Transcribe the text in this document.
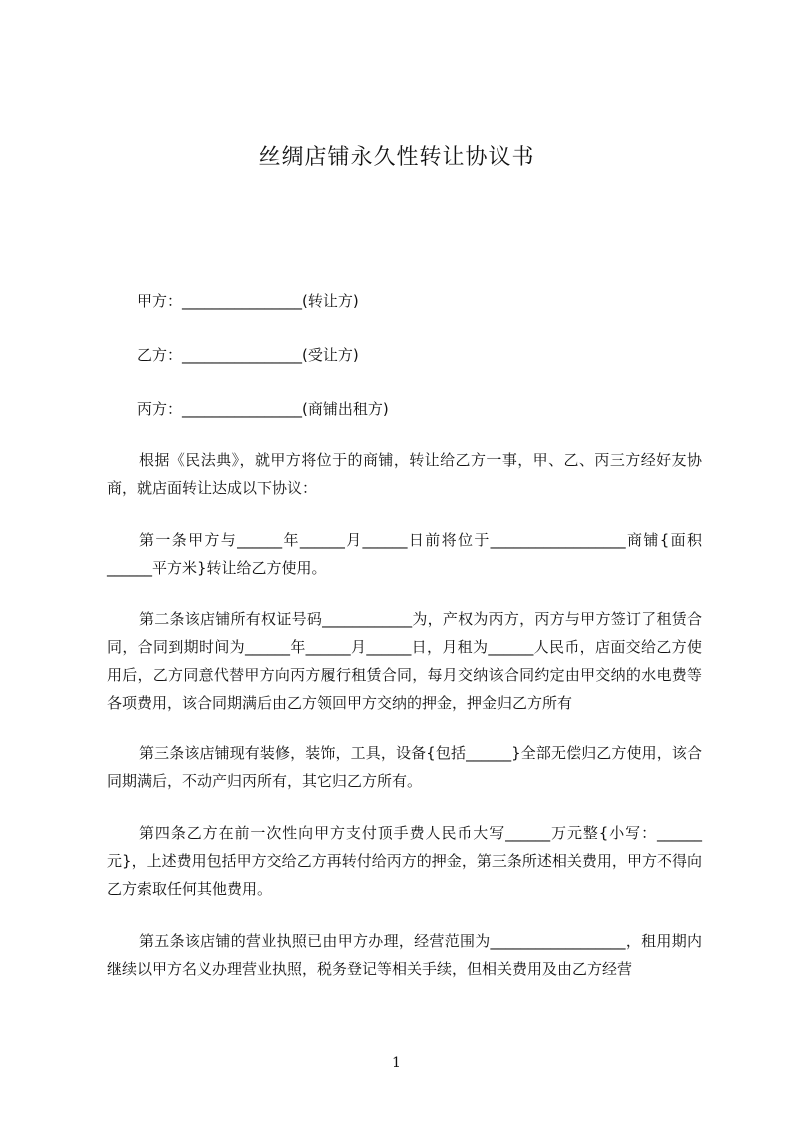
丝绸店铺永久性转让协议书
甲方：________________(转让方)
乙方：________________(受让方)
丙方：________________(商铺出租方)

根据《民法典》，就甲方将位于的商铺，转让给乙方一事，甲、乙、丙三方经好友协商，就店面转让达成以下协议：

第一条甲方与______年______月______日前将位于__________________商铺{面积______平方米}转让给乙方使用。

第二条该店铺所有权证号码____________为，产权为丙方，丙方与甲方签订了租赁合同，合同到期时间为______年______月______日，月租为______人民币，店面交给乙方使用后，乙方同意代替甲方向丙方履行租赁合同，每月交纳该合同约定由甲交纳的水电费等各项费用，该合同期满后由乙方领回甲方交纳的押金，押金归乙方所有

第三条该店铺现有装修，装饰，工具，设备{包括______}全部无偿归乙方使用，该合同期满后，不动产归丙所有，其它归乙方所有。

第四条乙方在前一次性向甲方支付顶手费人民币大写______万元整{小写：______元}，上述费用包括甲方交给乙方再转付给丙方的押金，第三条所述相关费用，甲方不得向乙方索取任何其他费用。

第五条该店铺的营业执照已由甲方办理，经营范围为__________________，租用期内继续以甲方名义办理营业执照，税务登记等相关手续，但相关费用及由乙方经营

1
